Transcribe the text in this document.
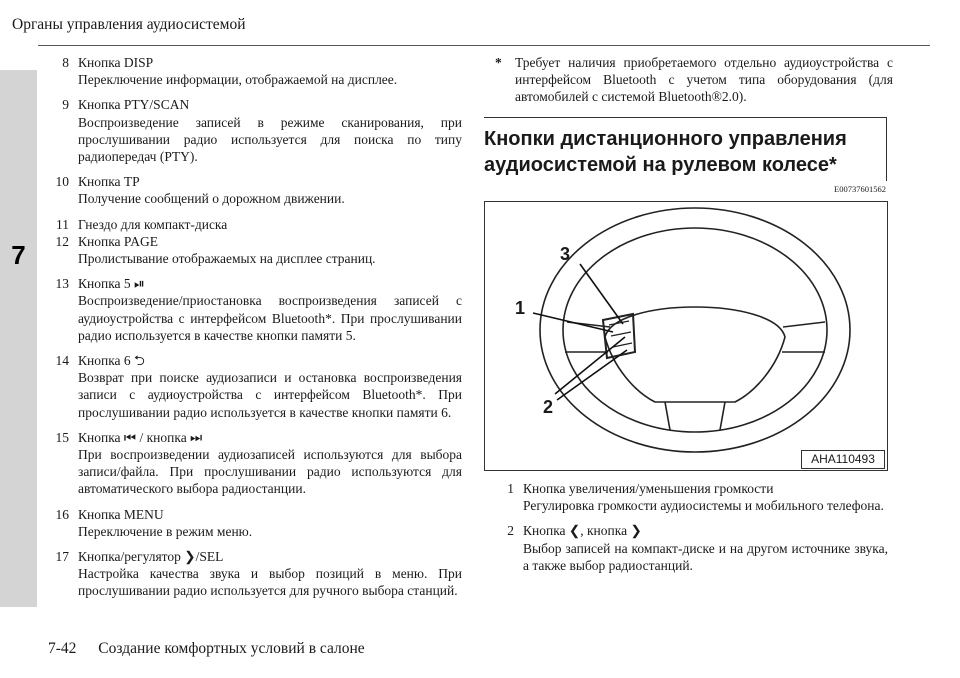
Органы управления аудиосистемой
7
8 Кнопка DISP
Переключение информации, отображаемой на дисплее.
9 Кнопка PTY/SCAN
Воспроизведение записей в режиме сканирования, при прослушивании радио используется для поиска по типу радиопередач (PTY).
10 Кнопка TP
Получение сообщений о дорожном движении.
11 Гнездо для компакт-диска
12 Кнопка PAGE
Пролистывание отображаемых на дисплее страниц.
13 Кнопка 5 ⏯
Воспроизведение/приостановка воспроизведения записей с аудиоустройства с интерфейсом Bluetooth*. При прослушивании радио используется в качестве кнопки памяти 5.
14 Кнопка 6 ⮌
Возврат при поиске аудиозаписи и остановка воспроизведения записи с аудиоустройства с интерфейсом Bluetooth*. При прослушивании радио используется в качестве кнопки памяти 6.
15 Кнопка ⏮ / кнопка ⏭
При воспроизведении аудиозаписей используются для выбора записи/файла. При прослушивании радио используются для автоматического выбора радиостанции.
16 Кнопка MENU
Переключение в режим меню.
17 Кнопка/регулятор ❯/SEL
Настройка качества звука и выбор позиций в меню. При прослушивании радио используется для ручного выбора станций.
* Требует наличия приобретаемого отдельно аудиоустройства с интерфейсом Bluetooth с учетом типа оборудования (для автомобилей с системой Bluetooth®2.0).
Кнопки дистанционного управления
аудиосистемой на рулевом колесе*
E00737601562
3
1
2
AHA110493
1 Кнопка увеличения/уменьшения громкости
Регулировка громкости аудиосистемы и мобильного телефона.
2 Кнопка ❮, кнопка ❯
Выбор записей на компакт-диске и на другом источнике звука, а также выбор радиостанций.
7-42 Создание комфортных условий в салоне
